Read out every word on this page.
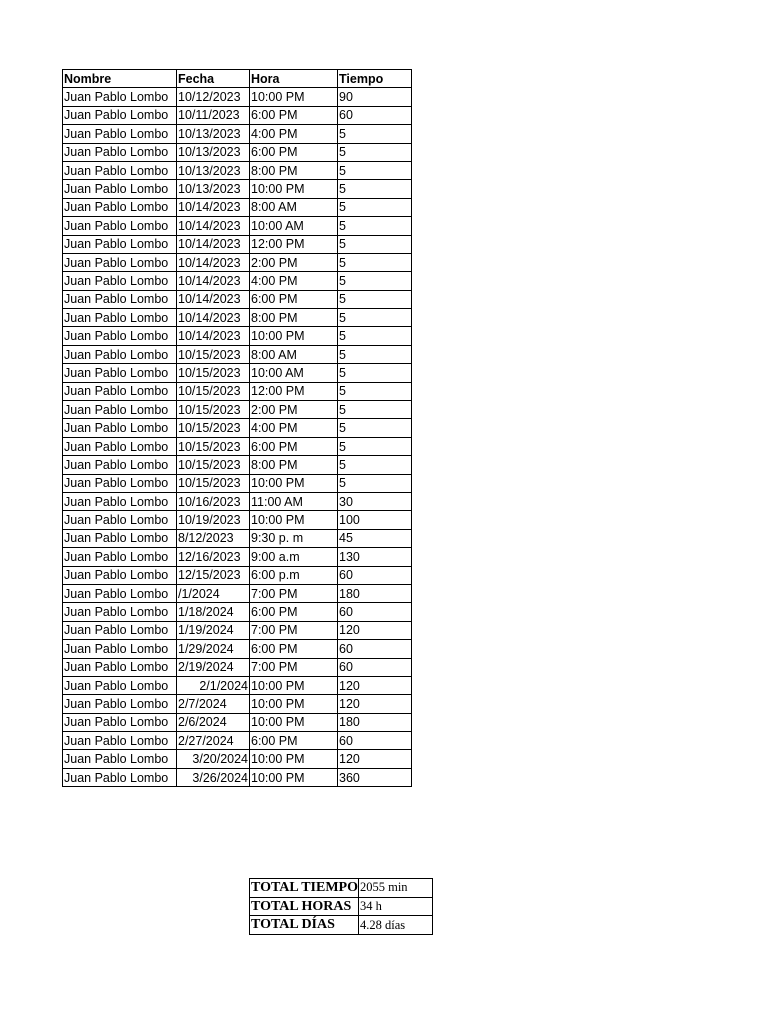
Nombre	Fecha	Hora	Tiempo
Juan Pablo Lombo	10/12/2023	10:00 PM	90
Juan Pablo Lombo	10/11/2023	6:00 PM	60
Juan Pablo Lombo	10/13/2023	4:00 PM	5
Juan Pablo Lombo	10/13/2023	6:00 PM	5
Juan Pablo Lombo	10/13/2023	8:00 PM	5
Juan Pablo Lombo	10/13/2023	10:00 PM	5
Juan Pablo Lombo	10/14/2023	8:00 AM	5
Juan Pablo Lombo	10/14/2023	10:00 AM	5
Juan Pablo Lombo	10/14/2023	12:00 PM	5
Juan Pablo Lombo	10/14/2023	2:00 PM	5
Juan Pablo Lombo	10/14/2023	4:00 PM	5
Juan Pablo Lombo	10/14/2023	6:00 PM	5
Juan Pablo Lombo	10/14/2023	8:00 PM	5
Juan Pablo Lombo	10/14/2023	10:00 PM	5
Juan Pablo Lombo	10/15/2023	8:00 AM	5
Juan Pablo Lombo	10/15/2023	10:00 AM	5
Juan Pablo Lombo	10/15/2023	12:00 PM	5
Juan Pablo Lombo	10/15/2023	2:00 PM	5
Juan Pablo Lombo	10/15/2023	4:00 PM	5
Juan Pablo Lombo	10/15/2023	6:00 PM	5
Juan Pablo Lombo	10/15/2023	8:00 PM	5
Juan Pablo Lombo	10/15/2023	10:00 PM	5
Juan Pablo Lombo	10/16/2023	11:00 AM	30
Juan Pablo Lombo	10/19/2023	10:00 PM	100
Juan Pablo Lombo	8/12/2023	9:30 p. m	45
Juan Pablo Lombo	12/16/2023	9:00 a.m	130
Juan Pablo Lombo	12/15/2023	6:00 p.m	60
Juan Pablo Lombo	/1/2024	7:00 PM	180
Juan Pablo Lombo	1/18/2024	6:00 PM	60
Juan Pablo Lombo	1/19/2024	7:00 PM	120
Juan Pablo Lombo	1/29/2024	6:00 PM	60
Juan Pablo Lombo	2/19/2024	7:00 PM	60
Juan Pablo Lombo	2/1/2024	10:00 PM	120
Juan Pablo Lombo	2/7/2024	10:00 PM	120
Juan Pablo Lombo	2/6/2024	10:00 PM	180
Juan Pablo Lombo	2/27/2024	6:00 PM	60
Juan Pablo Lombo	3/20/2024	10:00 PM	120
Juan Pablo Lombo	3/26/2024	10:00 PM	360
TOTAL TIEMPO	2055 min
TOTAL HORAS	34 h
TOTAL DÍAS	4.28 días
